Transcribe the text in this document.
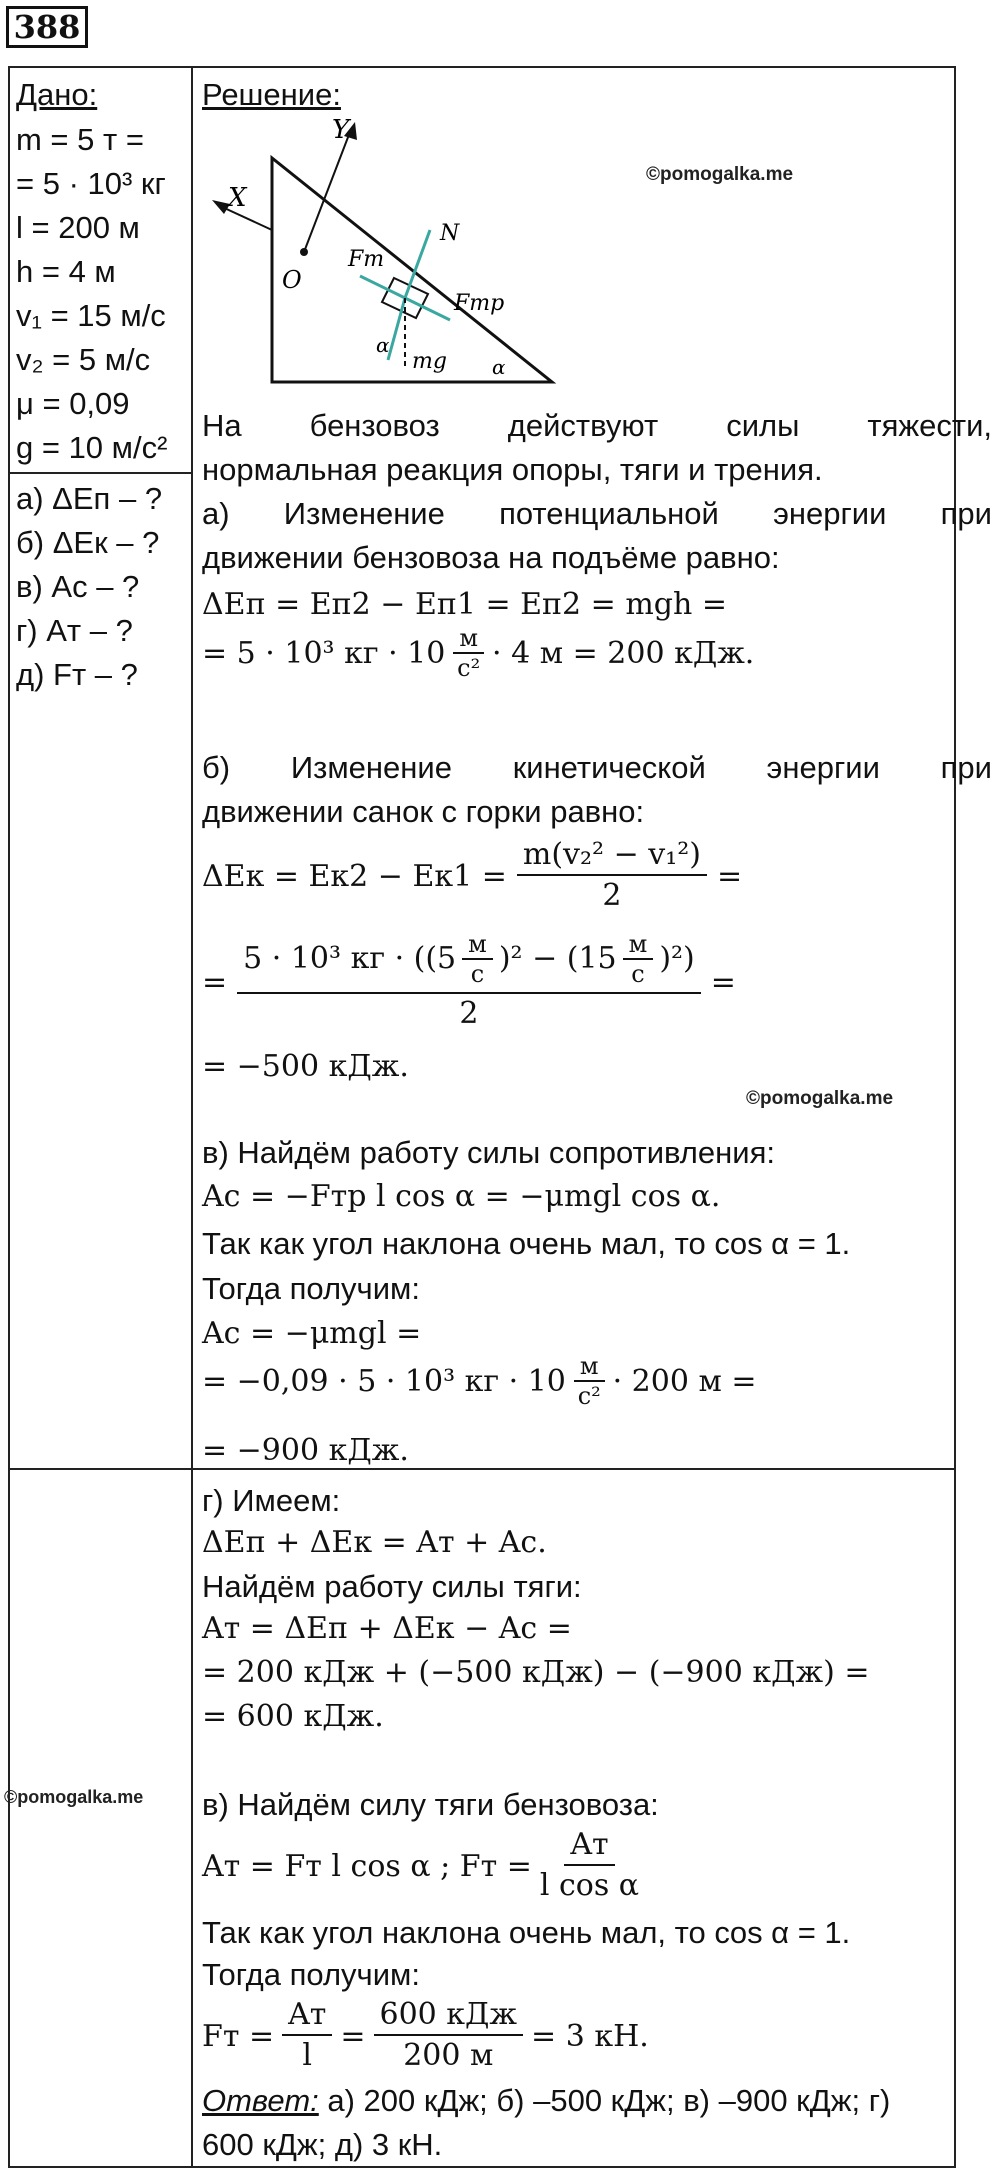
388
Дано:
m = 5 т =
= 5 · 10³ кг
l = 200 м
h = 4 м
v₁ = 15 м/с
v₂ = 5 м/с
μ = 0,09
g = 10 м/с²
а) ΔEп – ?
б) ΔEк – ?
в) Aс – ?
г) Aт – ?
д) Fт – ?
Решение:
X
Y
O
Fт
N
Fтр
mg
α
α
©pomogalka.me
На бензовоз действуют силы тяжести,
нормальная реакция опоры, тяги и трения.
а) Изменение потенциальной энергии при
движении бензовоза на подъёме равно:
ΔEп = Eп2 − Eп1 = Eп2 = mgh =
= 5 · 10³ кг · $10 \frac{м}{\text{с²}} \cdot 4$ м = 200 кДж.
б) Изменение кинетической энергии при
движении санок с горки равно:
$\Delta Eк = Eк2 - Eк1 = \frac{\text{m(v₂² − v₁²)}}{2}$ =
=
5 · 10³ кг · $((5 \frac{м}{с} )^2 - (15 \frac{м}{с} )^2)$
2
=
= −500 кДж.
©pomogalka.me
в) Найдём работу силы сопротивления:
Aс = −Fтр l cos α = −μmgl cos α.
Так как угол наклона очень мал, то cos α = 1.
Тогда получим:
Aс = −μmgl =
= −0,09 · 5 · 10³ кг · $10 \frac{м}{\text{с²}} \cdot 200$ м =
= −900 кДж.
г) Имеем:
ΔEп + ΔEк = Aт + Aс.
Найдём работу силы тяги:
Aт = ΔEп + ΔEк − Aс =
= 200 кДж + (−500 кДж) − (−900 кДж) =
= 600 кДж.
©pomogalka.me в) Найдём силу тяги бензовоза:
Aт = Fт l cos α ; Fт = $\frac{Aт}{\text{l cos α}}$
Так как угол наклона очень мал, то cos α = 1.
Тогда получим:
Fт = $\frac{Aт}{l} = \frac{\text{600 кДж}}{200 м} = 3$ кН.
Ответ: а) 200 кДж; б) –500 кДж; в) –900 кДж; г)
600 кДж; д) 3 кН.
